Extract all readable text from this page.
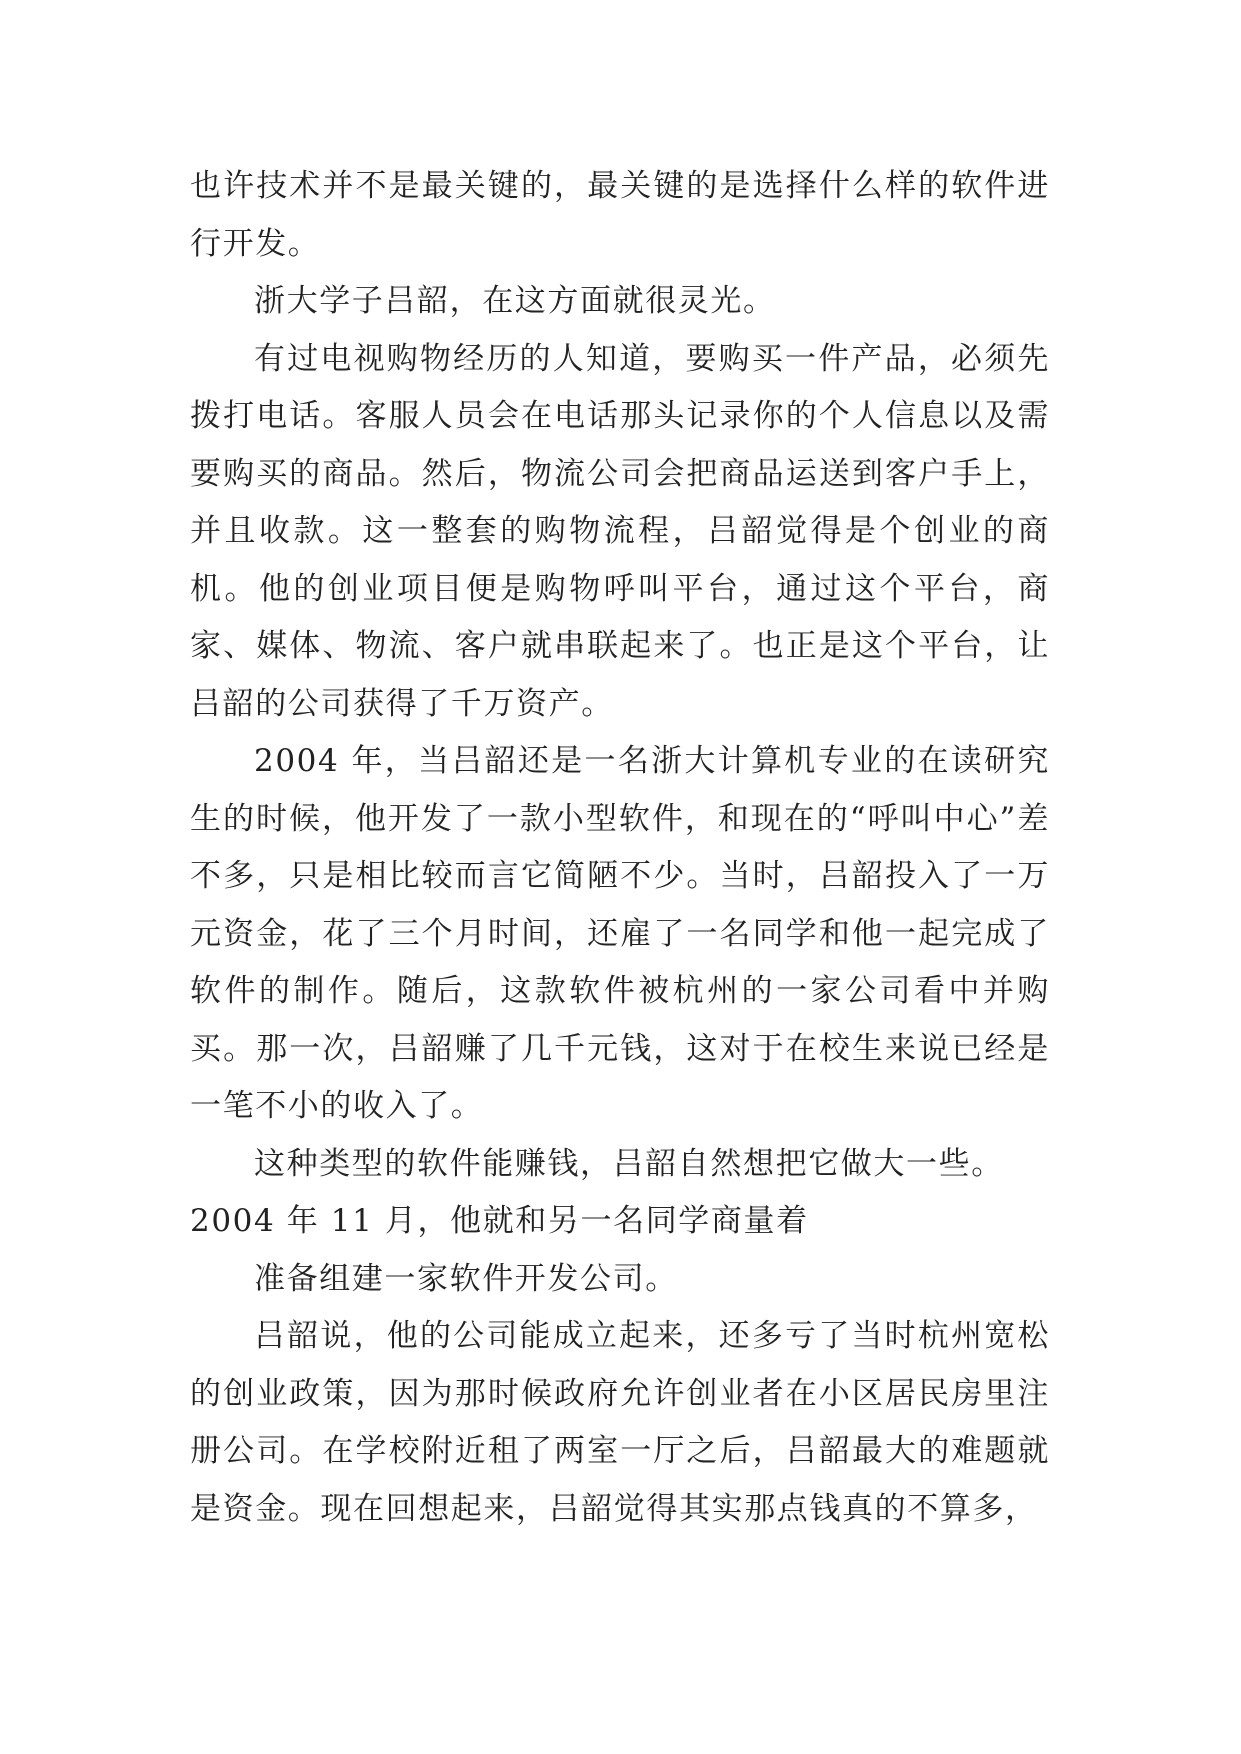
也许技术并不是最关键的，最关键的是选择什么样的软件进行开发。

浙大学子吕韶，在这方面就很灵光。

有过电视购物经历的人知道，要购买一件产品，必须先拨打电话。客服人员会在电话那头记录你的个人信息以及需要购买的商品。然后，物流公司会把商品运送到客户手上，并且收款。这一整套的购物流程，吕韶觉得是个创业的商机。他的创业项目便是购物呼叫平台，通过这个平台，商家、媒体、物流、客户就串联起来了。也正是这个平台，让吕韶的公司获得了千万资产。

2004 年，当吕韶还是一名浙大计算机专业的在读研究生的时候，他开发了一款小型软件，和现在的“呼叫中心”差不多，只是相比较而言它简陋不少。当时，吕韶投入了一万元资金，花了三个月时间，还雇了一名同学和他一起完成了软件的制作。随后，这款软件被杭州的一家公司看中并购买。那一次，吕韶赚了几千元钱，这对于在校生来说已经是一笔不小的收入了。

这种类型的软件能赚钱，吕韶自然想把它做大一些。
2004 年 11 月，他就和另一名同学商量着

准备组建一家软件开发公司。

吕韶说，他的公司能成立起来，还多亏了当时杭州宽松的创业政策，因为那时候政府允许创业者在小区居民房里注册公司。在学校附近租了两室一厅之后，吕韶最大的难题就是资金。现在回想起来，吕韶觉得其实那点钱真的不算多，
